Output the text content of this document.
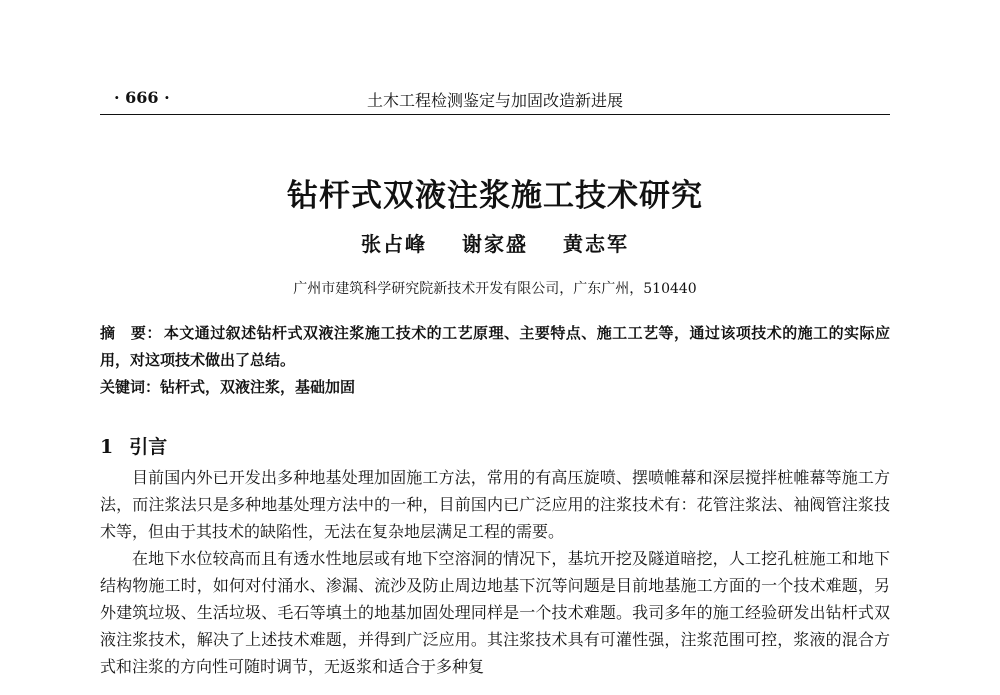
· 666 ·	土木工程检测鉴定与加固改造新进展
钻杆式双液注浆施工技术研究
张占峰 谢家盛 黄志军
广州市建筑科学研究院新技术开发有限公司，广东广州，510440
摘　要： 本文通过叙述钻杆式双液注浆施工技术的工艺原理、主要特点、施工工艺等，通过该项技术的施工的实际应用，对这项技术做出了总结。
关键词：钻杆式，双液注浆，基础加固
1 引言

目前国内外已开发出多种地基处理加固施工方法，常用的有高压旋喷、摆喷帷幕和深层搅拌桩帷幕等施工方法，而注浆法只是多种地基处理方法中的一种，目前国内已广泛应用的注浆技术有：花管注浆法、袖阀管注浆技术等，但由于其技术的缺陷性，无法在复杂地层满足工程的需要。

在地下水位较高而且有透水性地层或有地下空溶洞的情况下，基坑开挖及隧道暗挖，人工挖孔桩施工和地下结构物施工时，如何对付涌水、渗漏、流沙及防止周边地基下沉等问题是目前地基施工方面的一个技术难题，另外建筑垃圾、生活垃圾、毛石等填土的地基加固处理同样是一个技术难题。我司多年的施工经验研发出钻杆式双液注浆技术，解决了上述技术难题，并得到广泛应用。其注浆技术具有可灌性强，注浆范围可控，浆液的混合方式和注浆的方向性可随时调节，无返浆和适合于多种复
